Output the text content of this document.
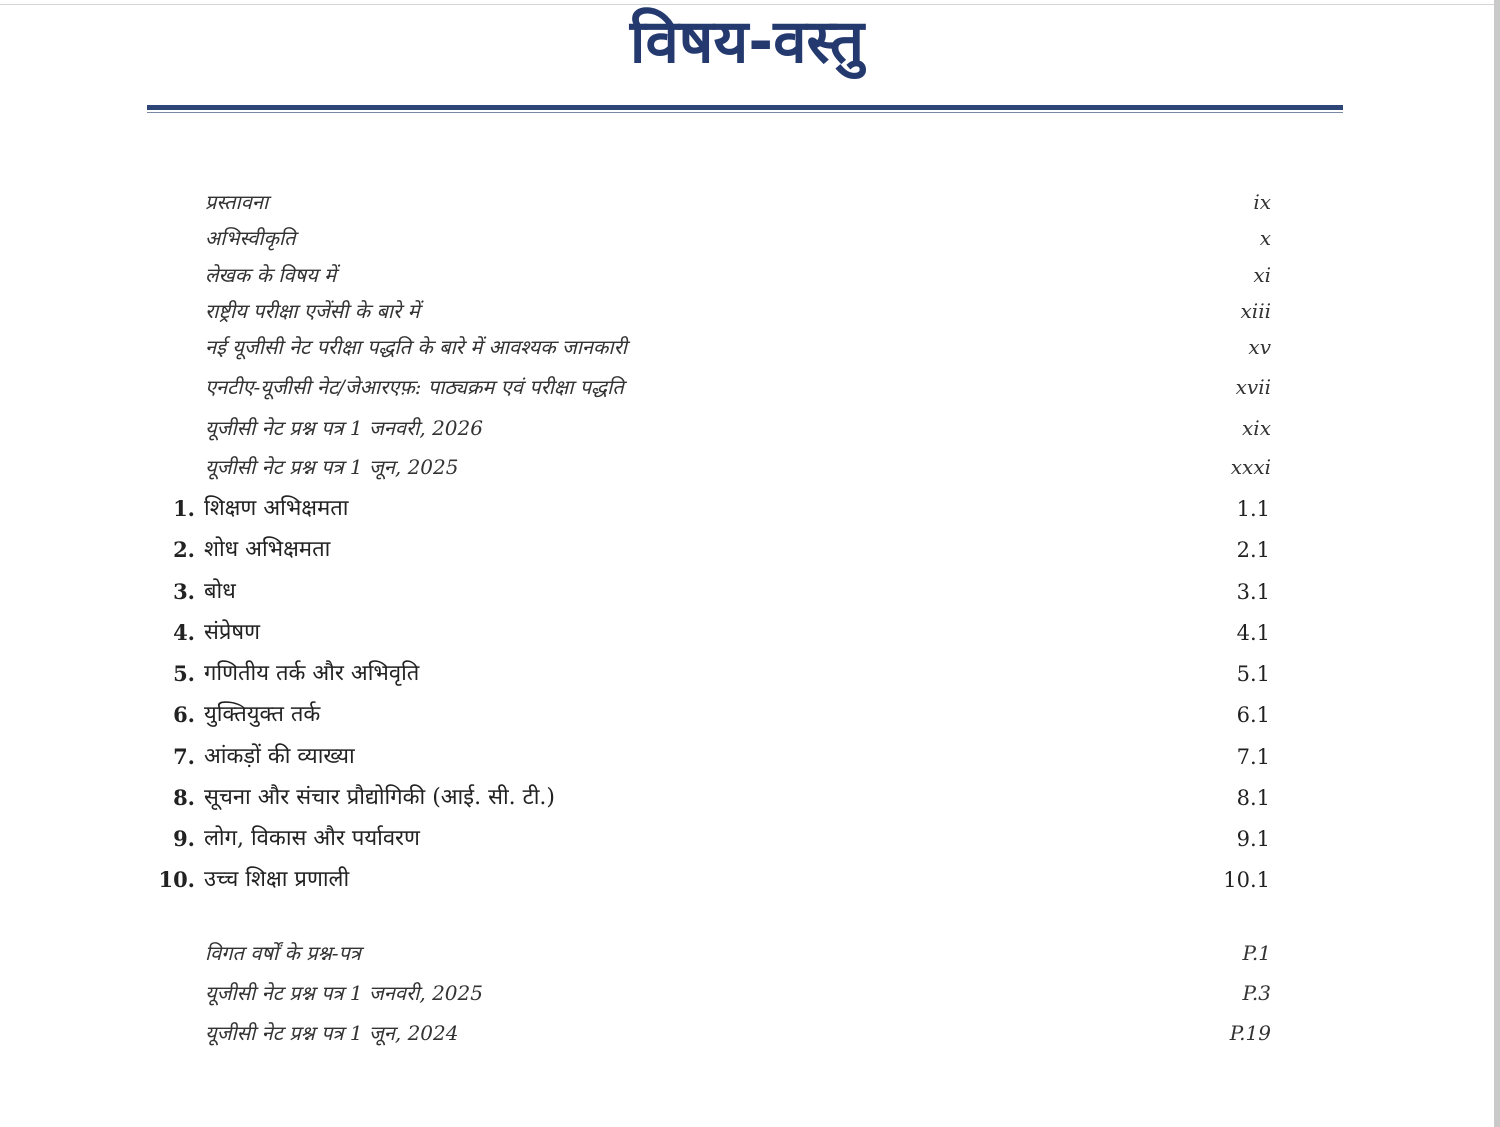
विषय-वस्तु
प्रस्तावना	ix
अभिस्वीकृति	x
लेखक के विषय में	xi
राष्ट्रीय परीक्षा एजेंसी के बारे में	xiii
नई यूजीसी नेट परीक्षा पद्धति के बारे में आवश्यक जानकारी	xv
एनटीए-यूजीसी नेट/जेआरएफ़: पाठ्यक्रम एवं परीक्षा पद्धति	xvii
यूजीसी नेट प्रश्न पत्र 1 जनवरी, 2026	xix
यूजीसी नेट प्रश्न पत्र 1 जून, 2025	xxxi
1. शिक्षण अभिक्षमता	1.1
2. शोध अभिक्षमता	2.1
3. बोध	3.1
4. संप्रेषण	4.1
5. गणितीय तर्क और अभिवृति	5.1
6. युक्तियुक्त तर्क	6.1
7. आंकड़ों की व्याख्या	7.1
8. सूचना और संचार प्रौद्योगिकी (आई. सी. टी.)	8.1
9. लोग, विकास और पर्यावरण	9.1
10. उच्च शिक्षा प्रणाली	10.1
विगत वर्षों के प्रश्न-पत्र	P.1
यूजीसी नेट प्रश्न पत्र 1 जनवरी, 2025	P.3
यूजीसी नेट प्रश्न पत्र 1 जून, 2024	P.19
